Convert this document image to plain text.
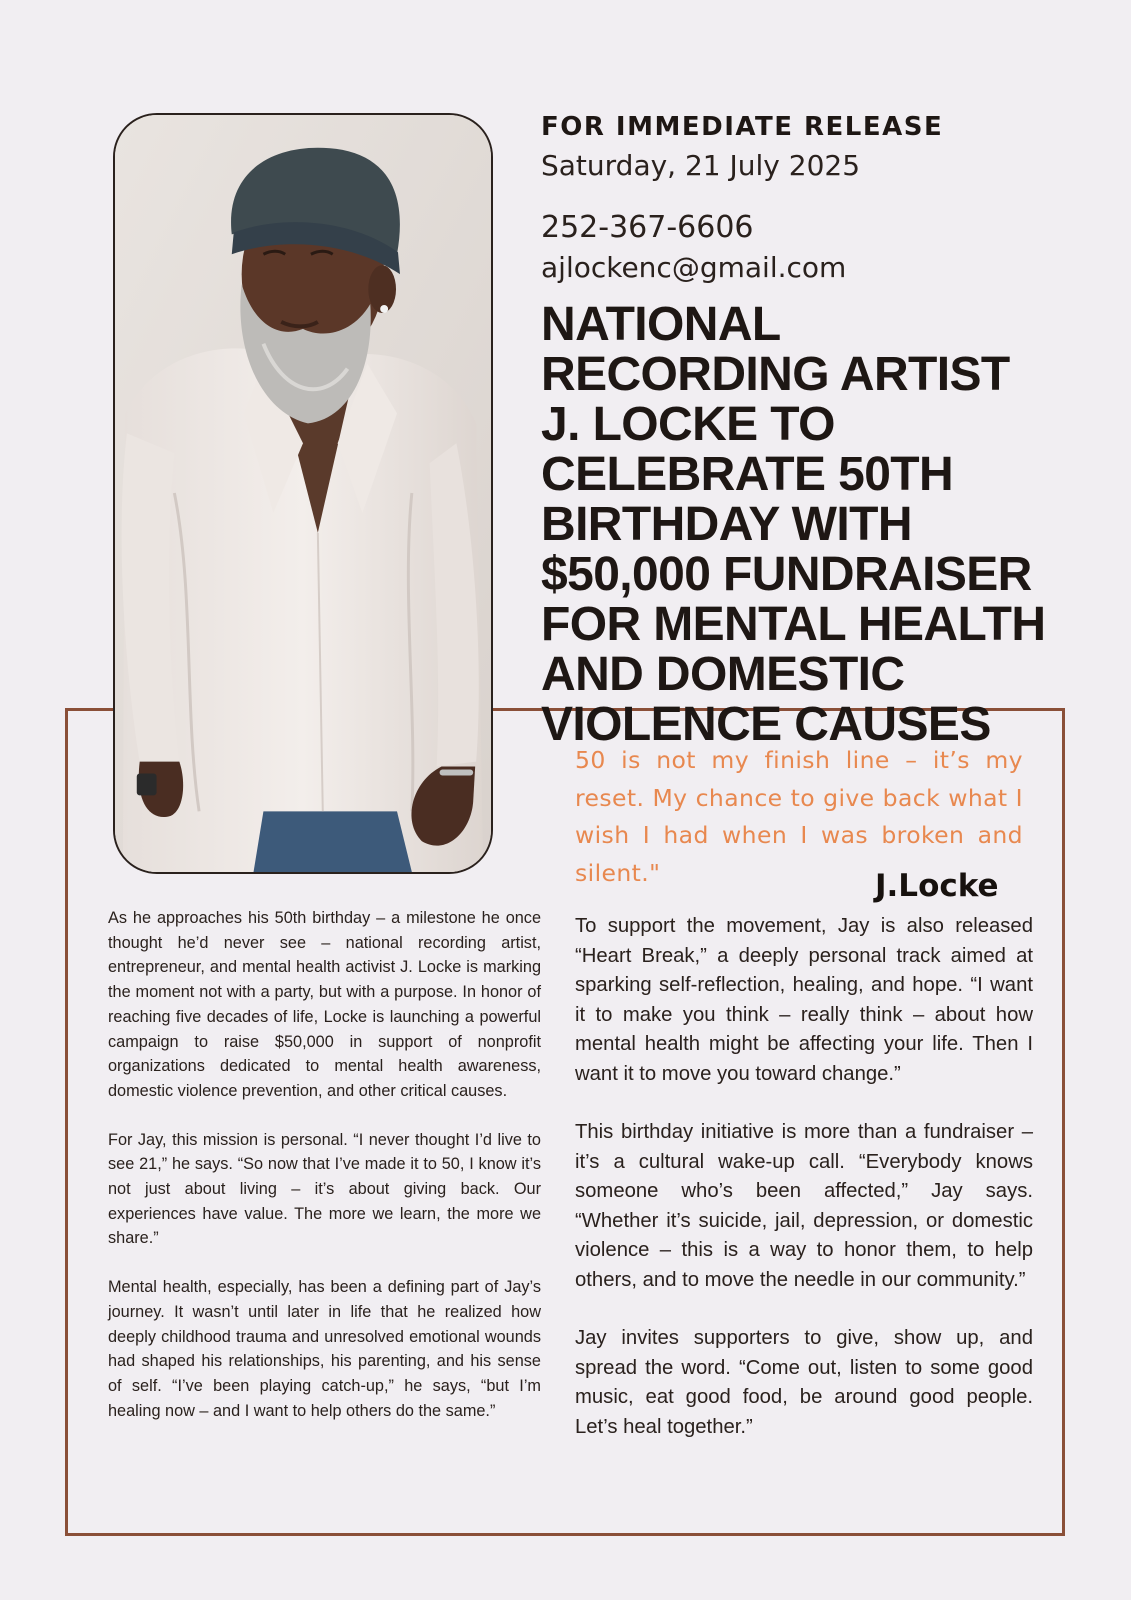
FOR IMMEDIATE RELEASE
Saturday, 21 July 2025
252-367-6606
ajlockenc@gmail.com
NATIONAL RECORDING ARTIST J. LOCKE TO CELEBRATE 50TH BIRTHDAY WITH $50,000 FUNDRAISER FOR MENTAL HEALTH AND DOMESTIC VIOLENCE CAUSES
50 is not my finish line – it’s my reset. My chance to give back what I wish I had when I was broken and silent."	J.Locke

As he approaches his 50th birthday – a milestone he once thought he’d never see – national recording artist, entrepreneur, and mental health activist J. Locke is marking the moment not with a party, but with a purpose. In honor of reaching five decades of life, Locke is launching a powerful campaign to raise $50,000 in support of nonprofit organizations dedicated to mental health awareness, domestic violence prevention, and other critical causes.

For Jay, this mission is personal. “I never thought I’d live to see 21,” he says. “So now that I’ve made it to 50, I know it’s not just about living – it’s about giving back. Our experiences have value. The more we learn, the more we share.”

Mental health, especially, has been a defining part of Jay’s journey. It wasn’t until later in life that he realized how deeply childhood trauma and unresolved emotional wounds had shaped his relationships, his parenting, and his sense of self. “I’ve been playing catch-up,” he says, “but I’m healing now – and I want to help others do the same.”

To support the movement, Jay is also released “Heart Break,” a deeply personal track aimed at sparking self-reflection, healing, and hope. “I want it to make you think – really think – about how mental health might be affecting your life. Then I want it to move you toward change.”

This birthday initiative is more than a fundraiser – it’s a cultural wake-up call. “Everybody knows someone who’s been affected,” Jay says. “Whether it’s suicide, jail, depression, or domestic violence – this is a way to honor them, to help others, and to move the needle in our community.”

Jay invites supporters to give, show up, and spread the word. “Come out, listen to some good music, eat good food, be around good people. Let’s heal together.”
